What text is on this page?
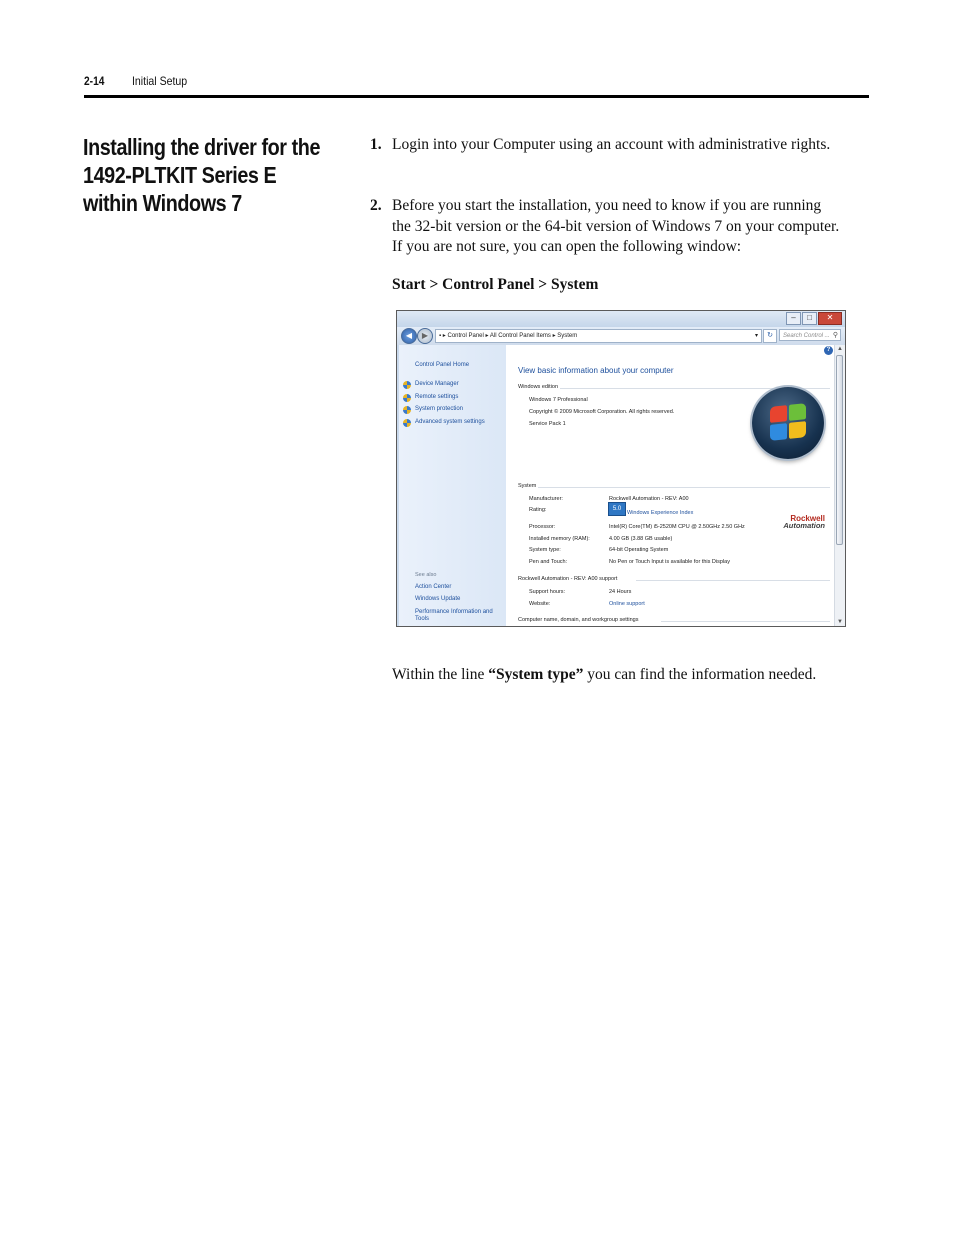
2-14 Initial Setup
Installing the driver for the
1492-PLTKIT Series E
within Windows 7
1. Login into your Computer using an account with administrative rights.
2. Before you start the installation, you need to know if you are running
the 32-bit version or the 64-bit version of Windows 7 on your computer.
If you are not sure, you can open the following window:
Start > Control Panel > System
–	□	✕
◀	▶	▪ ▸ Control Panel ▸ All Control Panel Items ▸ System	▾	↻	Search Control ... ⚲
Control Panel Home
Device Manager
Remote settings
System protection
Advanced system settings
See also
Action Center
Windows Update
Performance Information and
Tools
View basic information about your computer
Windows edition
Windows 7 Professional
Copyright © 2009 Microsoft Corporation. All rights reserved.
Service Pack 1
System
Manufacturer:	Rockwell Automation - REV: A00
Rating:	5.0
Windows Experience Index
Processor:	Intel(R) Core(TM) i5-2520M CPU @ 2.50GHz 2.50 GHz
Installed memory (RAM):	4.00 GB (3.88 GB usable)
System type:	64-bit Operating System
Pen and Touch:	No Pen or Touch Input is available for this Display
Rockwell
Automation
Rockwell Automation - REV: A00 support
Support hours:	24 Hours
Website:	Online support
Computer name, domain, and workgroup settings
?	▲
▼
Within the line “System type” you can find the information needed.
